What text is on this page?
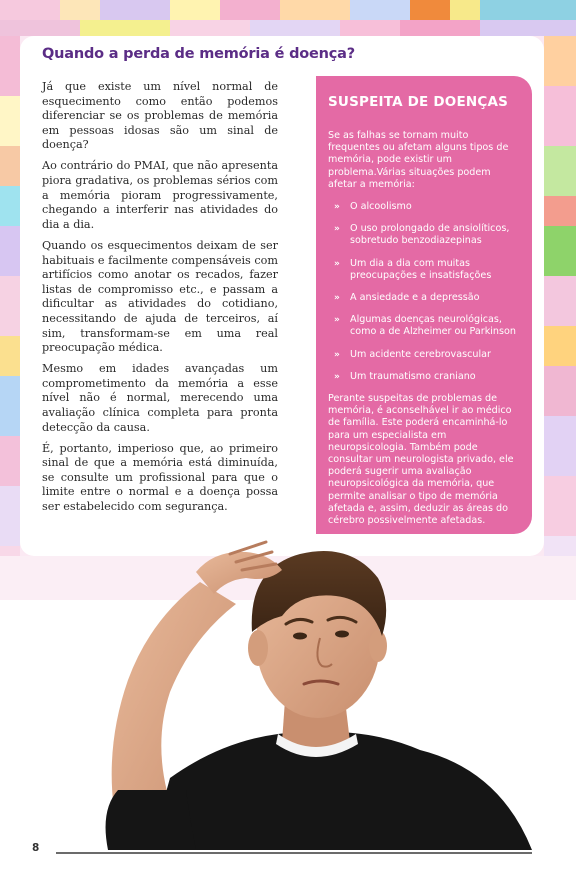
Quando a perda de memória é doença?

Já que existe um nível normal de esquecimento como então podemos diferenciar se os problemas de memória em pessoas idosas são um sinal de doença?

Ao contrário do PMAI, que não apresenta piora gradativa, os problemas sérios com a memória pioram progressivamente, chegando a interferir nas atividades do dia a dia.

Quando os esquecimentos deixam de ser habituais e facilmente compensáveis com artifícios como anotar os recados, fazer listas de compromisso etc., e passam a dificultar as atividades do cotidiano, necessitando de ajuda de terceiros, aí sim, transformam-se em uma real preocupação médica.

Mesmo em idades avançadas um comprometimento da memória a esse nível não é normal, merecendo uma avaliação clínica completa para pronta detecção da causa.

É, portanto, imperioso que, ao primeiro sinal de que a memória está diminuída, se consulte um profissional para que o limite entre o normal e a doença possa ser estabelecido com segurança.

SUSPEITA DE DOENÇAS

Se as falhas se tornam muito frequentes ou afetam alguns tipos de memória, pode existir um problema.Várias situações podem afetar a memória:

» O alcoolismo
» O uso prolongado de ansiolíticos, sobretudo benzodiazepinas
» Um dia a dia com muitas preocupações e insatisfações
» A ansiedade e a depressão
» Algumas doenças neurológicas, como a de Alzheimer ou Parkinson
» Um acidente cerebrovascular
» Um traumatismo craniano

Perante suspeitas de problemas de memória, é aconselhável ir ao médico de família. Este poderá encaminhá-lo para um especialista em neuropsicologia. Também pode consultar um neurologista privado, ele poderá sugerir uma avaliação neuropsicológica da memória, que permite analisar o tipo de memória afetada e, assim, deduzir as áreas do cérebro possivelmente afetadas.

8
